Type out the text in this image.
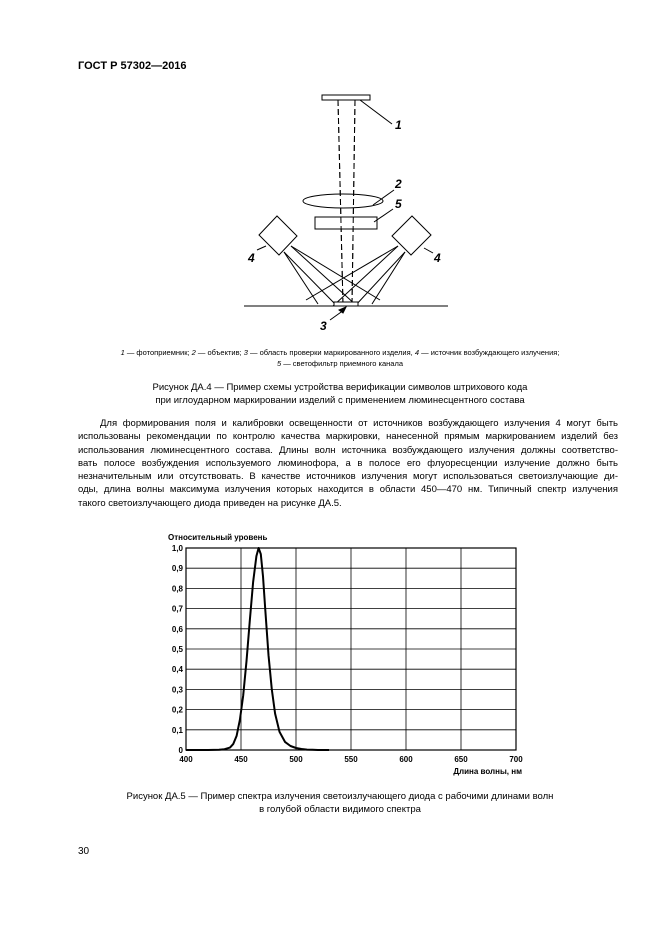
ГОСТ Р 57302—2016
1
2
5
4	4
3
1 — фотоприемник; 2 — объектив; 3 — область проверки маркированного изделия, 4 — источник возбуждающего излучения;
5 — светофильтр приемного канала
Рисунок ДА.4 — Пример схемы устройства верификации символов штрихового кода
при иглоударном маркировании изделий с применением люминесцентного состава
Для формирования поля и калибровки освещенности от источников возбуждающего излучения 4 могут быть
использованы рекомендации по контролю качества маркировки, нанесенной прямым маркированием изделий без
использования люминесцентного состава. Длины волн источника возбуждающего излучения должны соответство-
вать полосе возбуждения используемого люминофора, а в полосе его флуоресценции излучение должно быть
незначительным или отсутствовать. В качестве источников излучения могут использоваться светоизлучающие ди-
оды, длина волны максимума излучения которых находится в области 450—470 нм. Типичный спектр излучения
такого светоизлучающего диода приведен на рисунке ДА.5.
400	450	500	550	600	650	700
0
0,1
0,2
0,3
0,4
0,5
0,6
0,7
0,8
0,9
1,0
Относительный уровень
Длина волны, нм
Рисунок ДА.5 — Пример спектра излучения светоизлучающего диода с рабочими длинами волн
в голубой области видимого спектра
30
